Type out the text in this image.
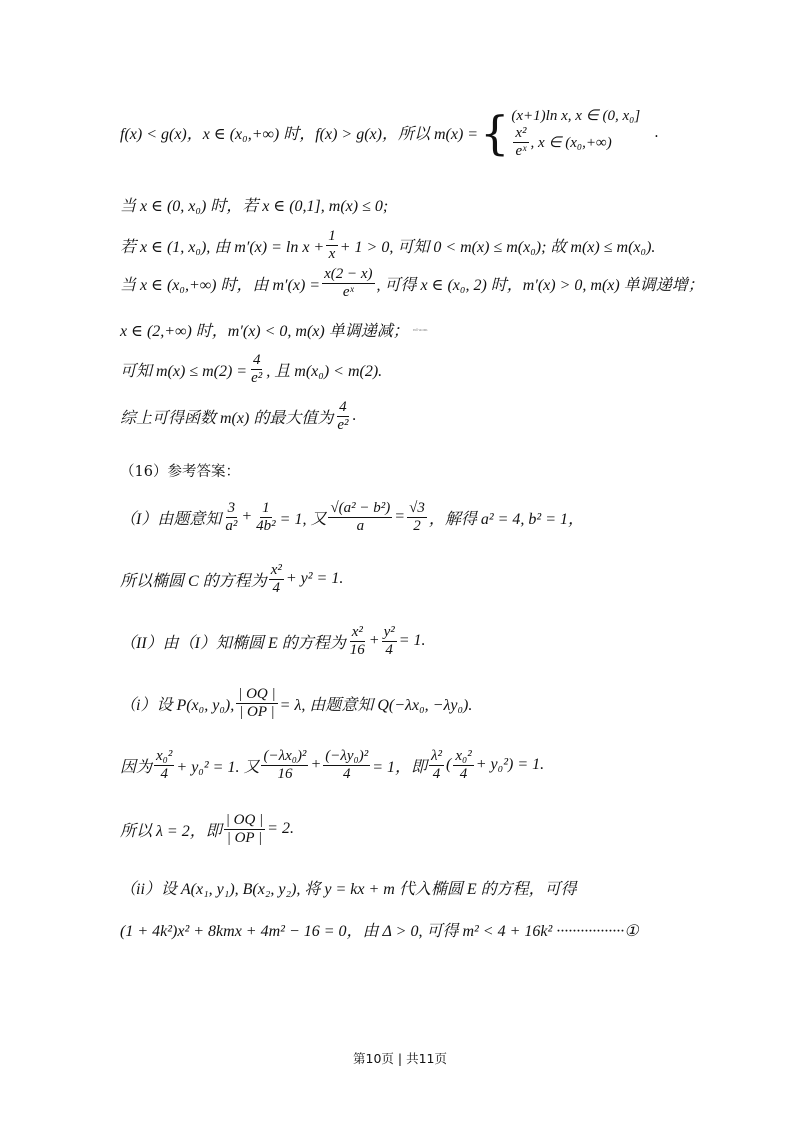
f(x) < g(x)，x ∈ (x₀,+∞) 时，f(x) > g(x)，所以 m(x) = { (x+1)ln x, x ∈ (0, x₀]
$\frac{\text{x²}}{\text{eˣ}}$ , x ∈ (x₀,+∞)
.
当 x ∈ (0, x₀) 时，若 x ∈ (0,1], m(x) ≤ 0;
若 x ∈ (1, x₀), 由 $m'(x) = \ln x + \frac{1}{x} + 1 > 0$, 可知 0 < m(x) ≤ m(x₀); 故 m(x) ≤ m(x₀).
当 x ∈ (x₀,+∞) 时，由 $m'(x) = \frac{x(2 - x)}{\text{eˣ}}$ , 可得 x ∈ (x₀, 2) 时，m′(x) > 0, m(x) 单调递增；
x ∈ (2,+∞) 时，m′(x) < 0, m(x) 单调递减； ed-aom
可知 $m(x) \le m(2) = \frac{4}{\text{e²}}$ , 且 m(x₀) < m(2).
综上可得函数 m(x) 的最大值为 $\frac{4}{\text{e²}}$ .
（16）参考答案：
（I）由题意知 $\frac{3}{\text{a²}} + \frac{1}{\text{4b²}} = 1$, 又 $\frac{\text{√(a² − b²)}}{a} = \frac{√3}{2}$ ，解得 a² = 4, b² = 1，
所以椭圆 C 的方程为 $\frac{\text{x²}}{4} + y^2 = 1$.
（II）由（I）知椭圆 E 的方程为 $\frac{\text{x²}}{16} + \frac{\text{y²}}{4} = 1$.
（i）设 P(x₀, y₀), $\frac{| OQ |}{| OP |} = \lambda$, 由题意知 Q(−λx₀, −λy₀).
因为 $\frac{\text{x₀²}}{4} + y_0^2 = 1$. 又 $\frac{\text{(−λx₀)²}}{16} + \frac{\text{(−λy₀)²}}{4} = 1$，即 $\frac{\text{λ²}}{4}$ ( $\frac{\text{x₀²}}{4} + y_0^2) = 1$.
所以 λ = 2，即 $\frac{| OQ |}{| OP |} = 2$.
（ii）设 A(x₁, y₁), B(x₂, y₂), 将 y = kx + m 代入椭圆 E 的方程，可得
(1 + 4k²)x² + 8kmx + 4m² − 16 = 0，由 Δ > 0, 可得 m² < 4 + 16k² ·················①
第10页 | 共11页
